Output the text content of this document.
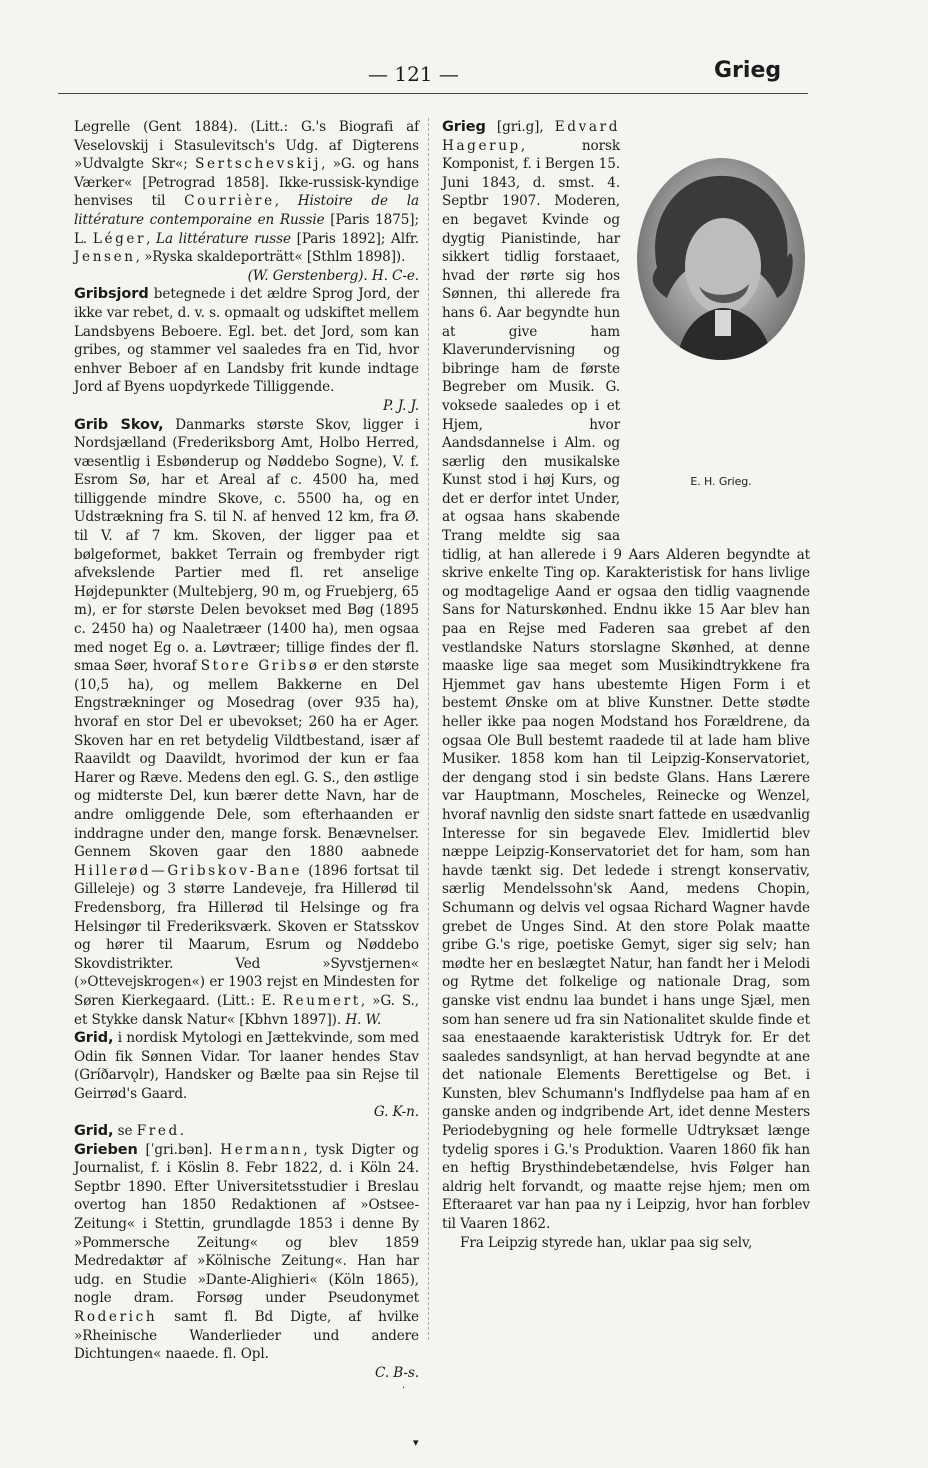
— 121 —	Grieg

Legrelle (Gent 1884). (Litt.: G.'s Biografi af Veselovskij i Stasulevitsch's Udg. af Digterens »Udvalgte Skr«; Sertschevskij, »G. og hans Værker« [Petrograd 1858]. Ikke-russisk-kyndige henvises til Courrière, Histoire de la littérature contemporaine en Russie [Paris 1875]; L. Léger, La littérature russe [Paris 1892]; Alfr. Jensen, »Ryska skaldeporträtt« [Sthlm 1898]).
(W. Gerstenberg). H. C-e.

Gribsjord betegnede i det ældre Sprog Jord, der ikke var rebet, d. v. s. opmaalt og udskiftet mellem Landsbyens Beboere. Egl. bet. det Jord, som kan gribes, og stammer vel saaledes fra en Tid, hvor enhver Beboer af en Landsby frit kunde indtage Jord af Byens uopdyrkede Tilliggende.
P. J. J.

Grib Skov, Danmarks største Skov, ligger i Nordsjælland (Frederiksborg Amt, Holbo Herred, væsentlig i Esbønderup og Nøddebo Sogne), V. f. Esrom Sø, har et Areal af c. 4500 ha, med tilliggende mindre Skove, c. 5500 ha, og en Udstrækning fra S. til N. af henved 12 km, fra Ø. til V. af 7 km. Skoven, der ligger paa et bølgeformet, bakket Terrain og frembyder rigt afvekslende Partier med fl. ret anselige Højdepunkter (Multebjerg, 90 m, og Fruebjerg, 65 m), er for største Delen bevokset med Bøg (1895 c. 2450 ha) og Naaletræer (1400 ha), men ogsaa med noget Eg o. a. Løvtræer; tillige findes der fl. smaa Søer, hvoraf Store Gribsø er den største (10,5 ha), og mellem Bakkerne en Del Engstrækninger og Mosedrag (over 935 ha), hvoraf en stor Del er ubevokset; 260 ha er Ager. Skoven har en ret betydelig Vildtbestand, især af Raavildt og Daavildt, hvorimod der kun er faa Harer og Ræve. Medens den egl. G. S., den østlige og midterste Del, kun bærer dette Navn, har de andre omliggende Dele, som efterhaanden er inddragne under den, mange forsk. Benævnelser. Gennem Skoven gaar den 1880 aabnede Hillerød—Gribskov-Bane (1896 fortsat til Gilleleje) og 3 større Landeveje, fra Hillerød til Fredensborg, fra Hillerød til Helsinge og fra Helsingør til Frederiksværk. Skoven er Statsskov og hører til Maarum, Esrum og Nøddebo Skovdistrikter. Ved »Syvstjernen« (»Ottevejskrogen«) er 1903 rejst en Mindesten for Søren Kierkegaard. (Litt.: E. Reumert, »G. S., et Stykke dansk Natur« [Kbhvn 1897]). H. W.

Grid, i nordisk Mytologi en Jættekvinde, som med Odin fik Sønnen Vidar. Tor laaner hendes Stav (Gríðarvǫlr), Handsker og Bælte paa sin Rejse til Geirrød's Gaard.
G. K-n.

Grid, se Fred.

Grieben [ˈgri.bən]. Hermann, tysk Digter og Journalist, f. i Köslin 8. Febr 1822, d. i Köln 24. Septbr 1890. Efter Universitetsstudier i Breslau overtog han 1850 Redaktionen af »Ostsee-Zeitung« i Stettin, grundlagde 1853 i denne By »Pommersche Zeitung« og blev 1859 Medredaktør af »Kölnische Zeitung«. Han har udg. en Studie »Dante-Alighieri« (Köln 1865), nogle dram. Forsøg under Pseudonymet Roderich samt fl. Bd Digte, af hvilke »Rheinische Wanderlieder und andere Dichtungen« naaede. fl. Opl.
C. B-s.

E. H. Grieg.

Grieg [gri.g], Edvard Hagerup, norsk Komponist, f. i Bergen 15. Juni 1843, d. smst. 4. Septbr 1907. Moderen, en begavet Kvinde og dygtig Pianistinde, har sikkert tidlig forstaaet, hvad der rørte sig hos Sønnen, thi allerede fra hans 6. Aar begyndte hun at give ham Klaverundervisning og bibringe ham de første Begreber om Musik. G. voksede saaledes op i et Hjem, hvor Aandsdannelse i Alm. og særlig den musikalske Kunst stod i høj Kurs, og det er derfor intet Under, at ogsaa hans skabende Trang meldte sig saa tidlig, at han allerede i 9 Aars Alderen begyndte at skrive enkelte Ting op. Karakteristisk for hans livlige og modtagelige Aand er ogsaa den tidlig vaagnende Sans for Naturskønhed. Endnu ikke 15 Aar blev han paa en Rejse med Faderen saa grebet af den vestlandske Naturs storslagne Skønhed, at denne maaske lige saa meget som Musikindtrykkene fra Hjemmet gav hans ubestemte Higen Form i et bestemt Ønske om at blive Kunstner. Dette stødte heller ikke paa nogen Modstand hos Forældrene, da ogsaa Ole Bull bestemt raadede til at lade ham blive Musiker. 1858 kom han til Leipzig-Konservatoriet, der dengang stod i sin bedste Glans. Hans Lærere var Hauptmann, Moscheles, Reinecke og Wenzel, hvoraf navnlig den sidste snart fattede en usædvanlig Interesse for sin begavede Elev. Imidlertid blev næppe Leipzig-Konservatoriet det for ham, som han havde tænkt sig. Det ledede i strengt konservativ, særlig Mendelssohn'sk Aand, medens Chopin, Schumann og delvis vel ogsaa Richard Wagner havde grebet de Unges Sind. At den store Polak maatte gribe G.'s rige, poetiske Gemyt, siger sig selv; han mødte her en beslægtet Natur, han fandt her i Melodi og Rytme det folkelige og nationale Drag, som ganske vist endnu laa bundet i hans unge Sjæl, men som han senere ud fra sin Nationalitet skulde finde et saa enestaaende karakteristisk Udtryk for. Er det saaledes sandsynligt, at han hervad begyndte at ane det nationale Elements Berettigelse og Bet. i Kunsten, blev Schumann's Indflydelse paa ham af en ganske anden og indgribende Art, idet denne Mesters Periodebygning og hele formelle Udtryksæt længe tydelig spores i G.'s Produktion. Vaaren 1860 fik han en heftig Brysthindebetændelse, hvis Følger han aldrig helt forvandt, og maatte rejse hjem; men om Efteraaret var han paa ny i Leipzig, hvor han forblev til Vaaren 1862.

Fra Leipzig styrede han, uklar paa sig selv,

·
▾
